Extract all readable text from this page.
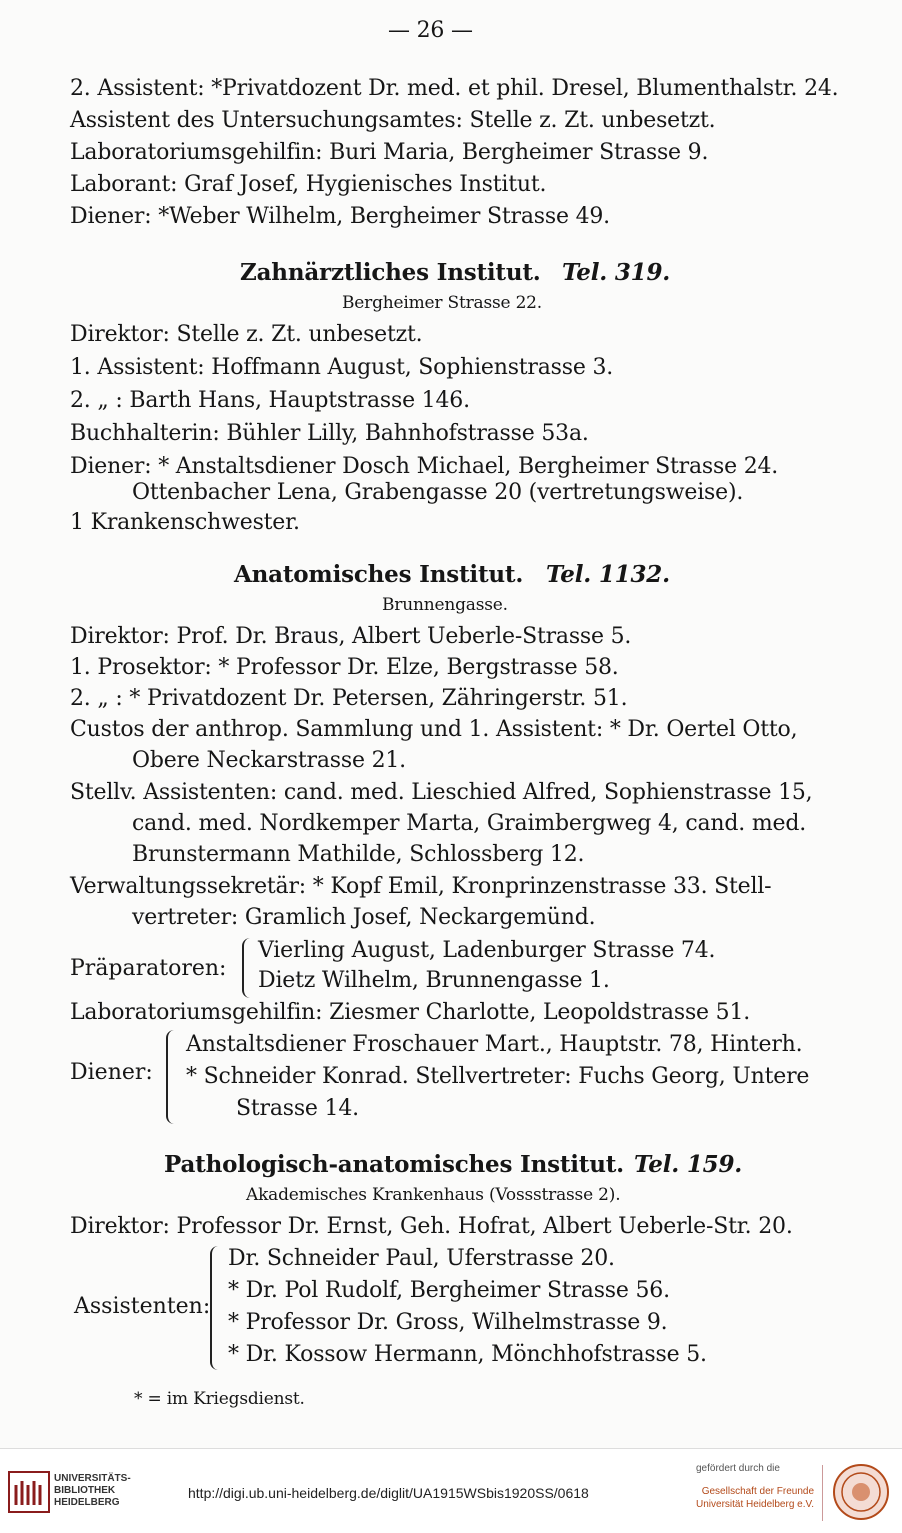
— 26 —
2. Assistent: *Privatdozent Dr. med. et phil. Dresel, Blumenthalstr. 24.
Assistent des Untersuchungsamtes: Stelle z. Zt. unbesetzt.
Laboratoriumsgehilfin: Buri Maria, Bergheimer Strasse 9.
Laborant: Graf Josef, Hygienisches Institut.
Diener: *Weber Wilhelm, Bergheimer Strasse 49.
Zahnärztliches Institut. Tel. 319.
Bergheimer Strasse 22.
Direktor: Stelle z. Zt. unbesetzt.
1. Assistent: Hoffmann August, Sophienstrasse 3.
2. „ : Barth Hans, Hauptstrasse 146.
Buchhalterin: Bühler Lilly, Bahnhofstrasse 53a.
Diener: * Anstaltsdiener Dosch Michael, Bergheimer Strasse 24.
Ottenbacher Lena, Grabengasse 20 (vertretungsweise).
1 Krankenschwester.
Anatomisches Institut. Tel. 1132.
Brunnengasse.
Direktor: Prof. Dr. Braus, Albert Ueberle-Strasse 5.
1. Prosektor: * Professor Dr. Elze, Bergstrasse 58.
2. „ : * Privatdozent Dr. Petersen, Zähringerstr. 51.
Custos der anthrop. Sammlung und 1. Assistent: * Dr. Oertel Otto,
Obere Neckarstrasse 21.
Stellv. Assistenten: cand. med. Lieschied Alfred, Sophienstrasse 15,
cand. med. Nordkemper Marta, Graimbergweg 4, cand. med.
Brunstermann Mathilde, Schlossberg 12.
Verwaltungssekretär: * Kopf Emil, Kronprinzenstrasse 33. Stell-
vertreter: Gramlich Josef, Neckargemünd.
Präparatoren:
Vierling August, Ladenburger Strasse 74.
Dietz Wilhelm, Brunnengasse 1.
Laboratoriumsgehilfin: Ziesmer Charlotte, Leopoldstrasse 51.
Diener:
Anstaltsdiener Froschauer Mart., Hauptstr. 78, Hinterh.
* Schneider Konrad. Stellvertreter: Fuchs Georg, Untere
Strasse 14.
Pathologisch-anatomisches Institut. Tel. 159.
Akademisches Krankenhaus (Vossstrasse 2).
Direktor: Professor Dr. Ernst, Geh. Hofrat, Albert Ueberle-Str. 20.
Assistenten:
Dr. Schneider Paul, Uferstrasse 20.
* Dr. Pol Rudolf, Bergheimer Strasse 56.
* Professor Dr. Gross, Wilhelmstrasse 9.
* Dr. Kossow Hermann, Mönchhofstrasse 5.
* = im Kriegsdienst.
UNIVERSITÄTS-
BIBLIOTHEK
HEIDELBERG
http://digi.ub.uni-heidelberg.de/diglit/UA1915WSbis1920SS/0618
gefördert durch die
Gesellschaft der Freunde
Universität Heidelberg e.V.
